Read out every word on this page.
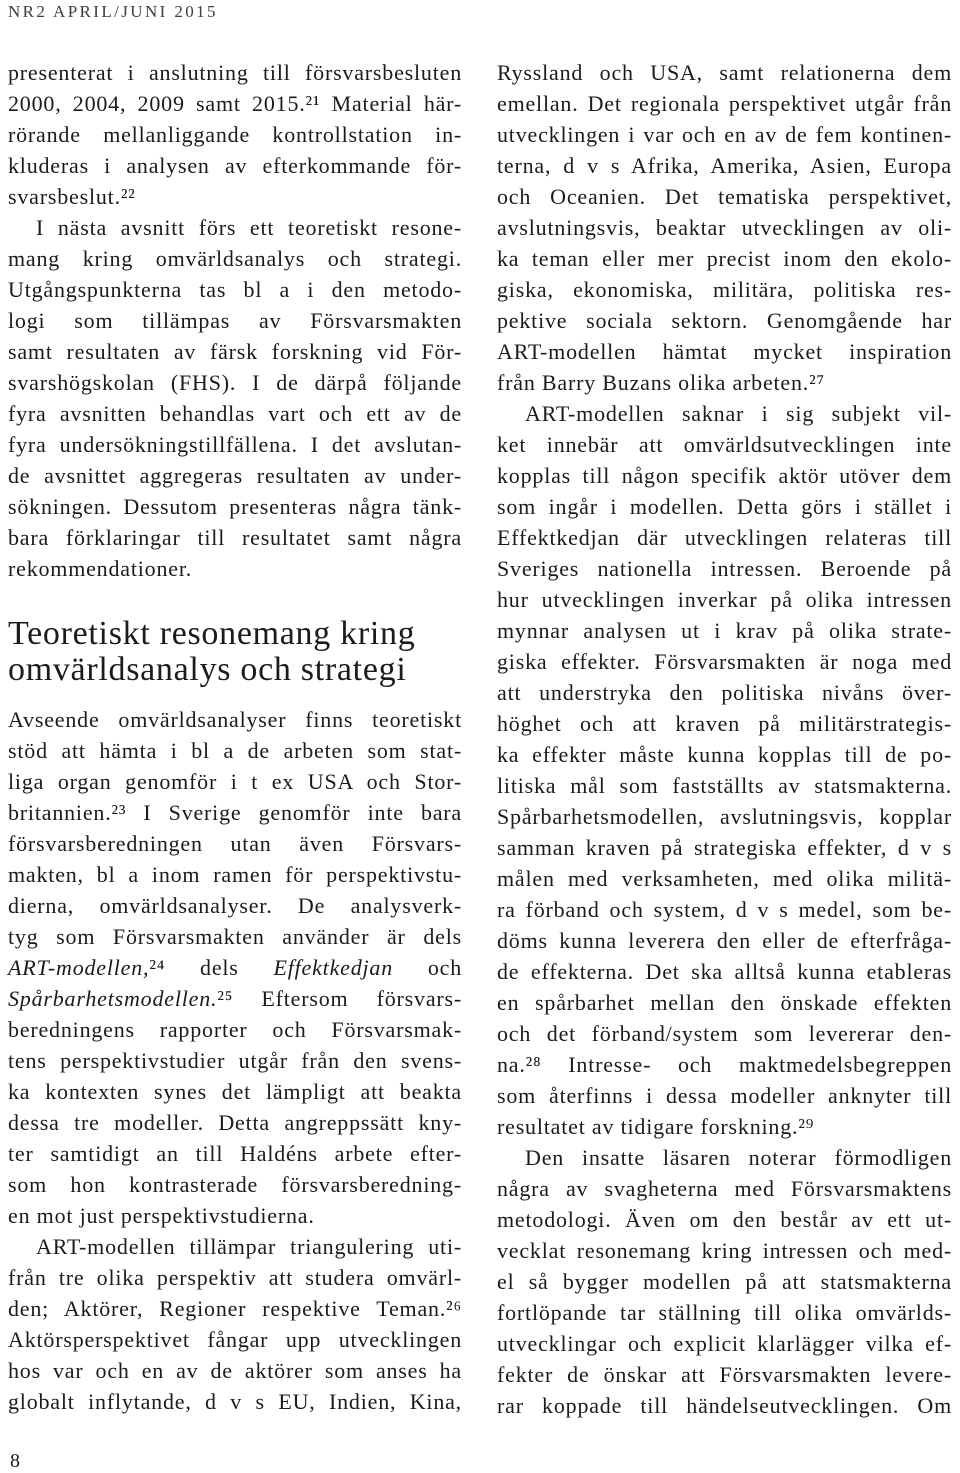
NR2 APRIL/JUNI 2015
presenterat i anslutning till försvarsbesluten
2000, 2004, 2009 samt 2015.²¹ Material här-
rörande mellanliggande kontrollstation in-
kluderas i analysen av efterkommande för-
svarsbeslut.²²
I nästa avsnitt förs ett teoretiskt resone-
mang kring omvärldsanalys och strategi.
Utgångspunkterna tas bl a i den metodo-
logi som tillämpas av Försvarsmakten
samt resultaten av färsk forskning vid För-
svarshögskolan (FHS). I de därpå följande
fyra avsnitten behandlas vart och ett av de
fyra undersökningstillfällena. I det avslutan-
de avsnittet aggregeras resultaten av under-
sökningen. Dessutom presenteras några tänk-
bara förklaringar till resultatet samt några
rekommendationer.
Teoretiskt resonemang kring
omvärldsanalys och strategi
Avseende omvärldsanalyser finns teoretiskt
stöd att hämta i bl a de arbeten som stat-
liga organ genomför i t ex USA och Stor-
britannien.²³ I Sverige genomför inte bara
försvarsberedningen utan även Försvars-
makten, bl a inom ramen för perspektivstu-
dierna, omvärldsanalyser. De analysverk-
tyg som Försvarsmakten använder är dels
ART-modellen,²⁴ dels Effektkedjan och
Spårbarhetsmodellen.²⁵ Eftersom försvars-
beredningens rapporter och Försvarsmak-
tens perspektivstudier utgår från den svens-
ka kontexten synes det lämpligt att beakta
dessa tre modeller. Detta angreppssätt kny-
ter samtidigt an till Haldéns arbete efter-
som hon kontrasterade försvarsberedning-
en mot just perspektivstudierna.
ART-modellen tillämpar triangulering uti-
från tre olika perspektiv att studera omvärl-
den; Aktörer, Regioner respektive Teman.²⁶
Aktörsperspektivet fångar upp utvecklingen
hos var och en av de aktörer som anses ha
globalt inflytande, d v s EU, Indien, Kina,
Ryssland och USA, samt relationerna dem
emellan. Det regionala perspektivet utgår från
utvecklingen i var och en av de fem kontinen-
terna, d v s Afrika, Amerika, Asien, Europa
och Oceanien. Det tematiska perspektivet,
avslutningsvis, beaktar utvecklingen av oli-
ka teman eller mer precist inom den ekolo-
giska, ekonomiska, militära, politiska res-
pektive sociala sektorn. Genomgående har
ART-modellen hämtat mycket inspiration
från Barry Buzans olika arbeten.²⁷
ART-modellen saknar i sig subjekt vil-
ket innebär att omvärldsutvecklingen inte
kopplas till någon specifik aktör utöver dem
som ingår i modellen. Detta görs i stället i
Effektkedjan där utvecklingen relateras till
Sveriges nationella intressen. Beroende på
hur utvecklingen inverkar på olika intressen
mynnar analysen ut i krav på olika strate-
giska effekter. Försvarsmakten är noga med
att understryka den politiska nivåns över-
höghet och att kraven på militärstrategis-
ka effekter måste kunna kopplas till de po-
litiska mål som fastställts av statsmakterna.
Spårbarhetsmodellen, avslutningsvis, kopplar
samman kraven på strategiska effekter, d v s
målen med verksamheten, med olika militä-
ra förband och system, d v s medel, som be-
döms kunna leverera den eller de efterfråga-
de effekterna. Det ska alltså kunna etableras
en spårbarhet mellan den önskade effekten
och det förband/system som levererar den-
na.²⁸ Intresse- och maktmedelsbegreppen
som återfinns i dessa modeller anknyter till
resultatet av tidigare forskning.²⁹
Den insatte läsaren noterar förmodligen
några av svagheterna med Försvarsmaktens
metodologi. Även om den består av ett ut-
vecklat resonemang kring intressen och med-
el så bygger modellen på att statsmakterna
fortlöpande tar ställning till olika omvärlds-
utvecklingar och explicit klarlägger vilka ef-
fekter de önskar att Försvarsmakten levere-
rar koppade till händelseutvecklingen. Om
8
